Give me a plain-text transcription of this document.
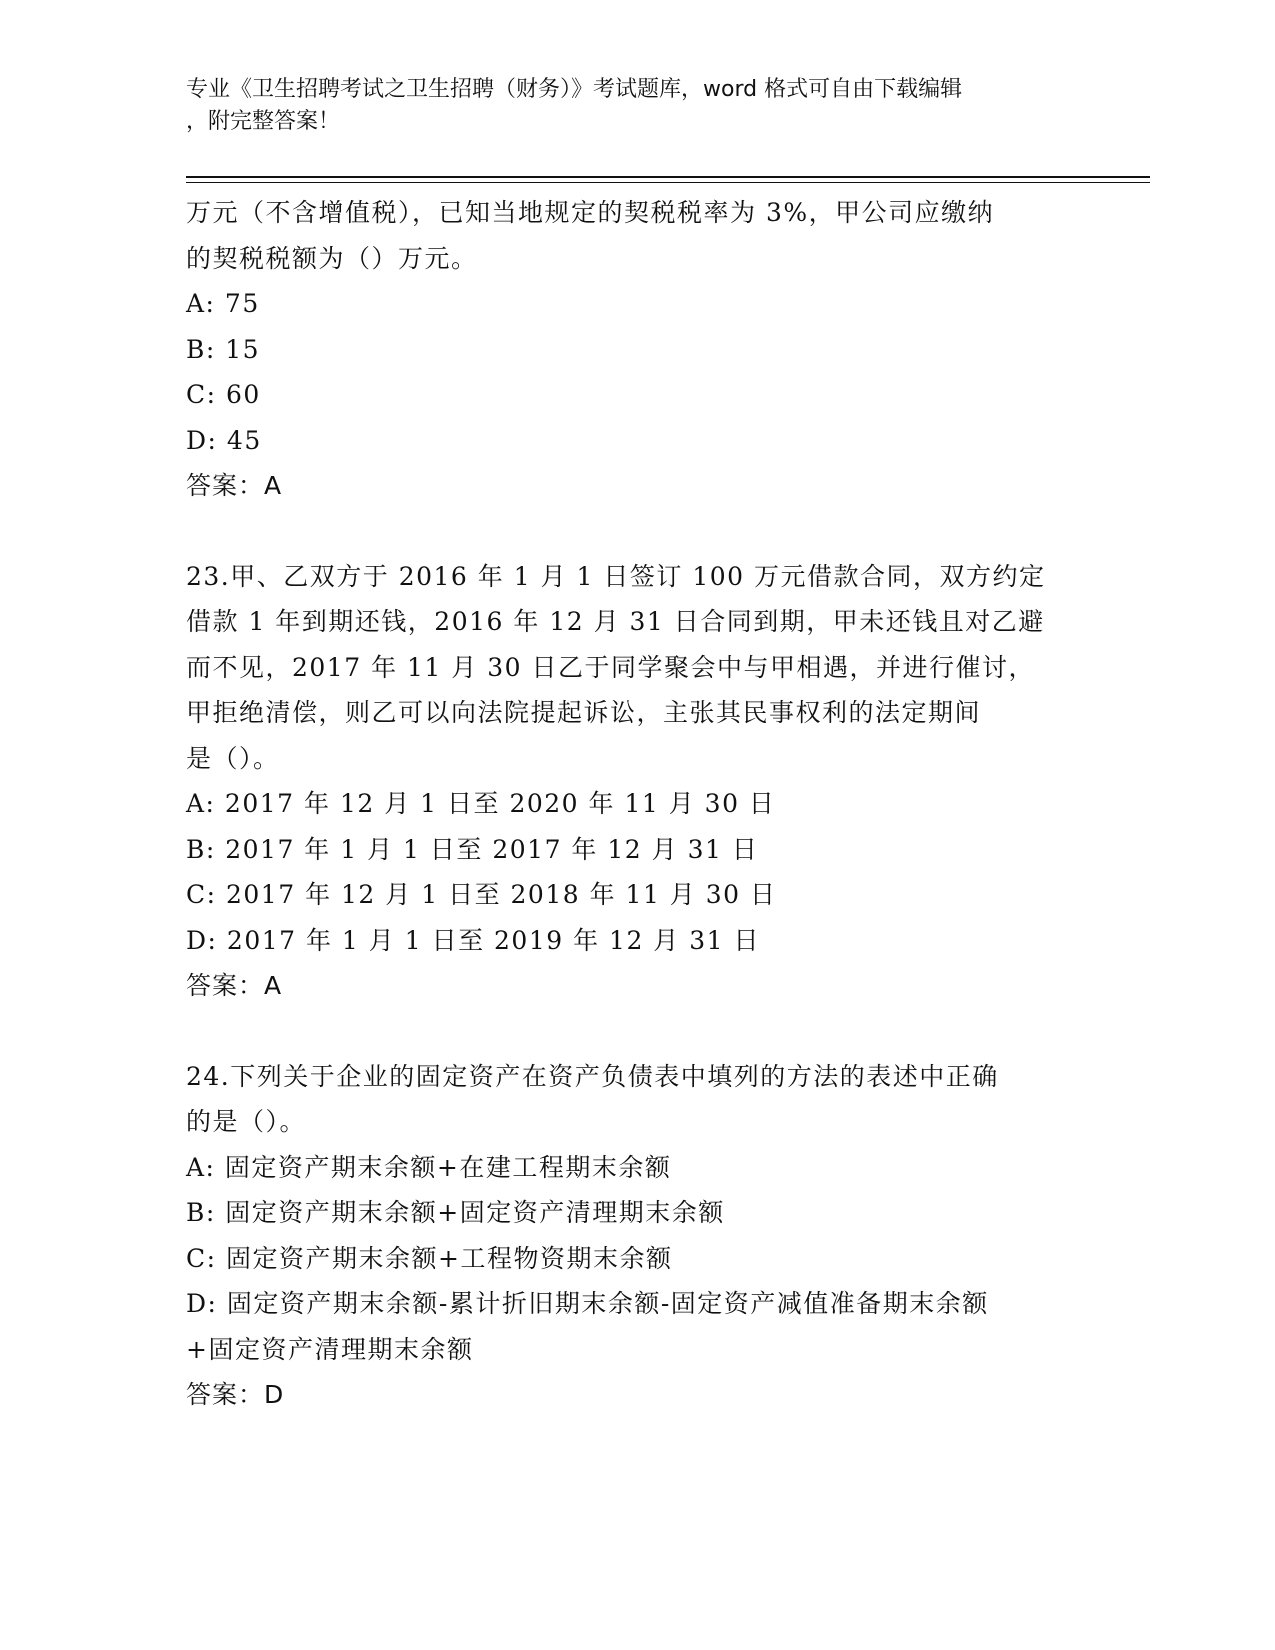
专业《卫生招聘考试之卫生招聘（财务）》考试题库，word 格式可自由下载编辑
，附完整答案！
万元（不含增值税），已知当地规定的契税税率为 3%，甲公司应缴纳
的契税税额为（）万元。
A: 75
B: 15
C: 60
D: 45
答案：A
23.甲、乙双方于 2016 年 1 月 1 日签订 100 万元借款合同，双方约定
借款 1 年到期还钱，2016 年 12 月 31 日合同到期，甲未还钱且对乙避
而不见，2017 年 11 月 30 日乙于同学聚会中与甲相遇，并进行催讨，
甲拒绝清偿，则乙可以向法院提起诉讼，主张其民事权利的法定期间
是（）。
A: 2017 年 12 月 1 日至 2020 年 11 月 30 日
B: 2017 年 1 月 1 日至 2017 年 12 月 31 日
C: 2017 年 12 月 1 日至 2018 年 11 月 30 日
D: 2017 年 1 月 1 日至 2019 年 12 月 31 日
答案：A
24.下列关于企业的固定资产在资产负债表中填列的方法的表述中正确
的是（）。
A: 固定资产期末余额+在建工程期末余额
B: 固定资产期末余额+固定资产清理期末余额
C: 固定资产期末余额+工程物资期末余额
D: 固定资产期末余额-累计折旧期末余额-固定资产减值准备期末余额
+固定资产清理期末余额
答案：D
